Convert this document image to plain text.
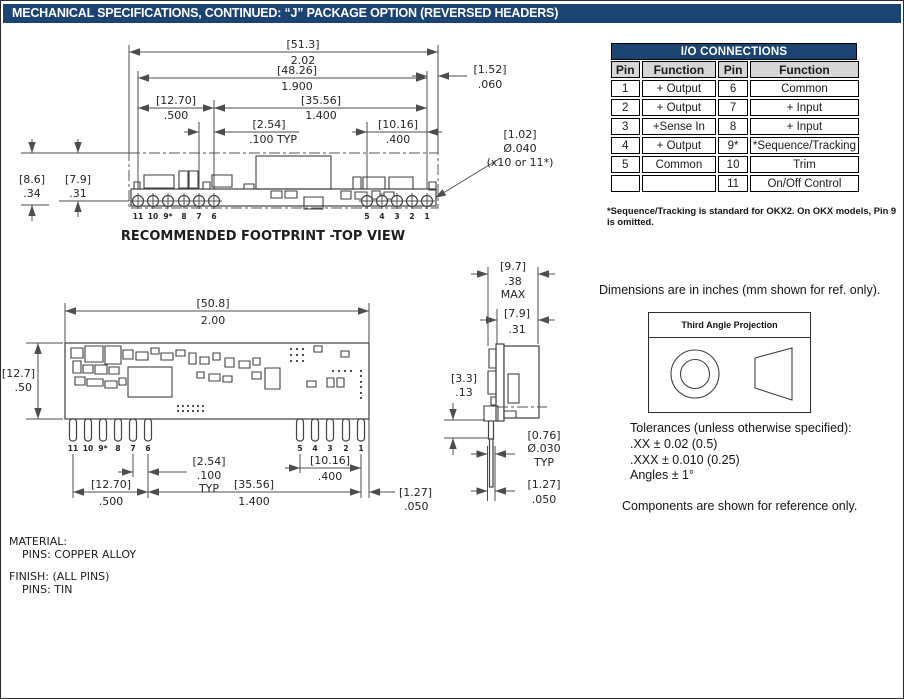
MECHANICAL SPECIFICATIONS, CONTINUED: “J” PACKAGE OPTION (REVERSED HEADERS)
[51.3]
2.02
[48.26]
1.900
[12.70]
.500
[35.56]
1.400
[2.54]
.100 TYP
[10.16]
.400
[1.52]
.060
[1.02]
Ø.040
(x10 or 11*)
[8.6]
.34
[7.9]
.31
11 10 9* 8 7 6	5 4 3 2 1
RECOMMENDED FOOTPRINT -TOP VIEW
11 10 9* 8 7 6	5 4 3 2 1
[50.8]
2.00
[12.7]
.50
[2.54]
.100
TYP
[12.70]
.500
[35.56]
1.400
[10.16]
.400
[1.27]
.050
[9.7]
.38
MAX
[7.9]
.31
[3.3]
.13
[0.76]
Ø.030
TYP
[1.27]
.050
I/O CONNECTIONS
Pin	Function	Pin	Function
1	+ Output	6	Common
2	+ Output	7	+ Input
3	+Sense In	8	+ Input
4	+ Output	9*	*Sequence/Tracking
5	Common	10	Trim
		11	On/Off Control
*Sequence/Tracking is standard for OKX2. On OKX models, Pin 9 is omitted.
Dimensions are in inches (mm shown for ref. only).
Third Angle Projection
Tolerances (unless otherwise specified):
.XX ± 0.02 (0.5)
.XXX ± 0.010 (0.25)
Angles ± 1°
Components are shown for reference only.
MATERIAL:
PINS: COPPER ALLOY
FINISH: (ALL PINS)
PINS: TIN
